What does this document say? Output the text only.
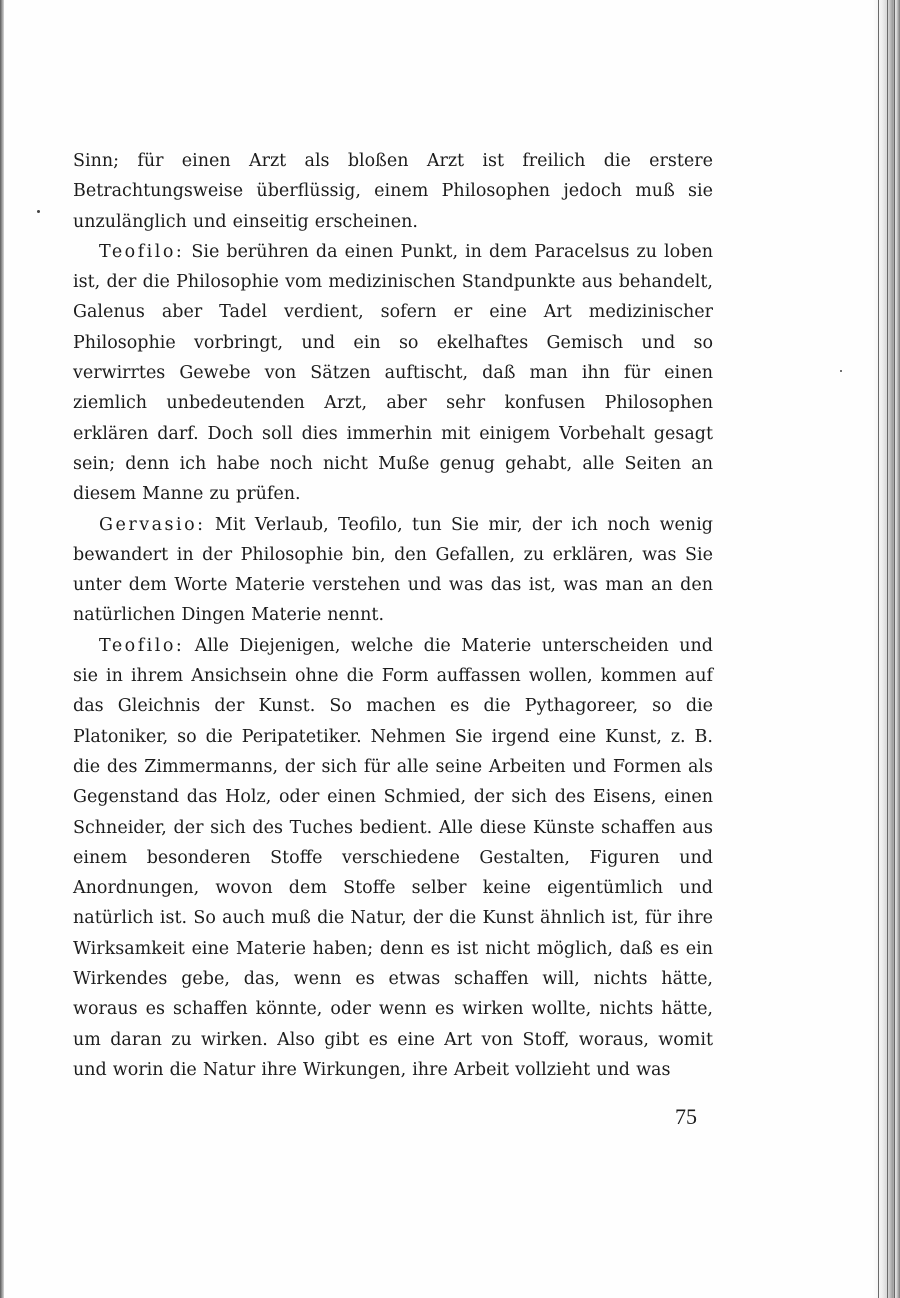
Sinn; für einen Arzt als bloßen Arzt ist freilich die erstere Betrachtungsweise überflüssig, einem Philosophen jedoch muß sie unzulänglich und einseitig erscheinen.

Teofilo: Sie berühren da einen Punkt, in dem Paracelsus zu loben ist, der die Philosophie vom medizinischen Standpunkte aus behandelt, Galenus aber Tadel verdient, sofern er eine Art medizinischer Philosophie vorbringt, und ein so ekelhaftes Gemisch und so verwirrtes Gewebe von Sätzen auftischt, daß man ihn für einen ziemlich unbedeutenden Arzt, aber sehr konfusen Philosophen erklären darf. Doch soll dies immerhin mit einigem Vorbehalt gesagt sein; denn ich habe noch nicht Muße genug gehabt, alle Seiten an diesem Manne zu prüfen.

Gervasio: Mit Verlaub, Teofilo, tun Sie mir, der ich noch wenig bewandert in der Philosophie bin, den Gefallen, zu erklären, was Sie unter dem Worte Materie verstehen und was das ist, was man an den natürlichen Dingen Materie nennt.

Teofilo: Alle Diejenigen, welche die Materie unterscheiden und sie in ihrem Ansichsein ohne die Form auffassen wollen, kommen auf das Gleichnis der Kunst. So machen es die Pythagoreer, so die Platoniker, so die Peripatetiker. Nehmen Sie irgend eine Kunst, z. B. die des Zimmermanns, der sich für alle seine Arbeiten und Formen als Gegenstand das Holz, oder einen Schmied, der sich des Eisens, einen Schneider, der sich des Tuches bedient. Alle diese Künste schaffen aus einem besonderen Stoffe verschiedene Gestalten, Figuren und Anordnungen, wovon dem Stoffe selber keine eigentümlich und natürlich ist. So auch muß die Natur, der die Kunst ähnlich ist, für ihre Wirksamkeit eine Materie haben; denn es ist nicht möglich, daß es ein Wirkendes gebe, das, wenn es etwas schaffen will, nichts hätte, woraus es schaffen könnte, oder wenn es wirken wollte, nichts hätte, um daran zu wirken. Also gibt es eine Art von Stoff, woraus, womit und worin die Natur ihre Wirkungen, ihre Arbeit vollzieht und was

75
